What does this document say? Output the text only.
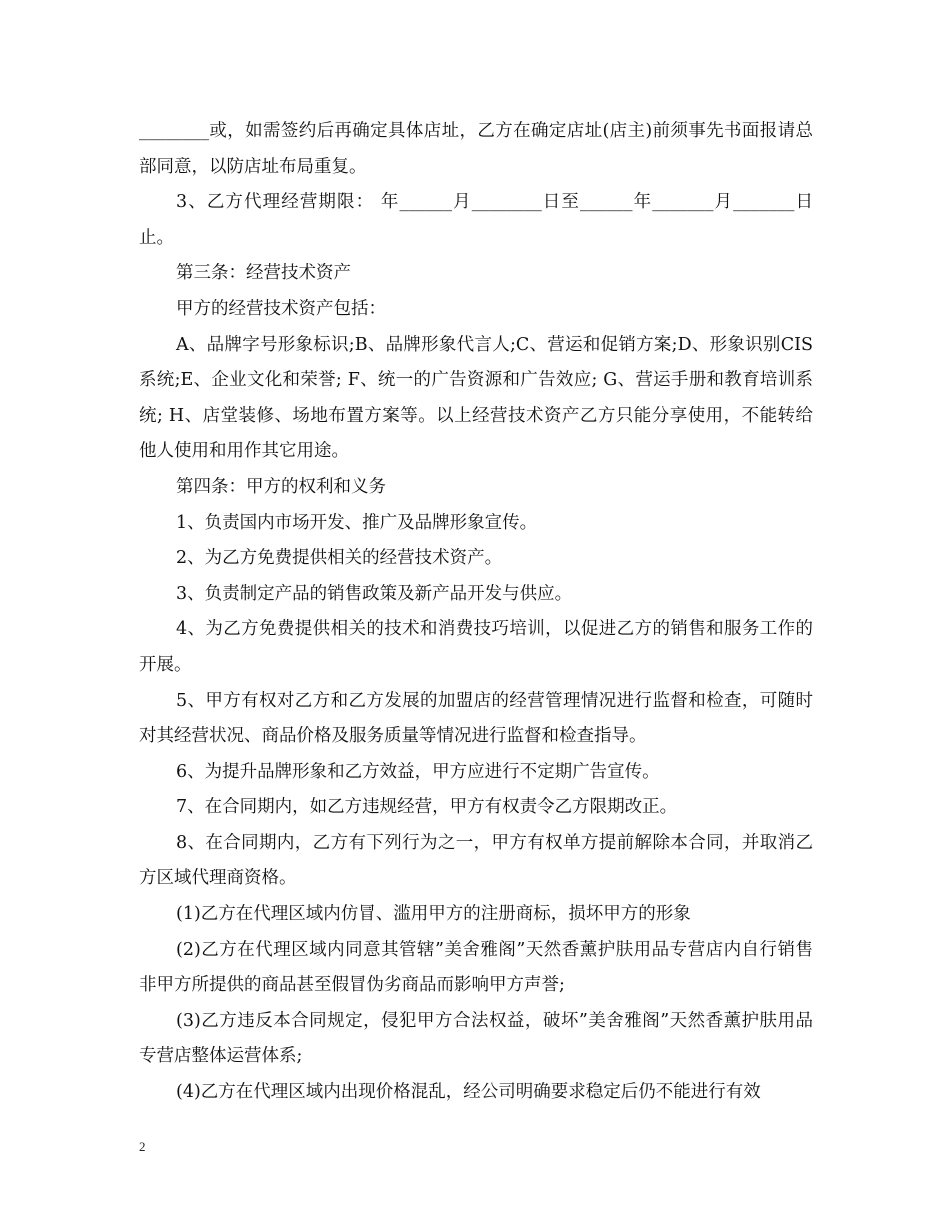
________或，如需签约后再确定具体店址，乙方在确定店址(店主)前须事先书面报请总部同意，以防店址布局重复。

3、乙方代理经营期限： 年______月________日至______年_______月_______日止。

第三条：经营技术资产

甲方的经营技术资产包括：

A、品牌字号形象标识;B、品牌形象代言人;C、营运和促销方案;D、形象识别CIS系统;E、企业文化和荣誉; F、统一的广告资源和广告效应; G、营运手册和教育培训系统; H、店堂装修、场地布置方案等。以上经营技术资产乙方只能分享使用，不能转给他人使用和用作其它用途。

第四条：甲方的权利和义务

1、负责国内市场开发、推广及品牌形象宣传。

2、为乙方免费提供相关的经营技术资产。

3、负责制定产品的销售政策及新产品开发与供应。

4、为乙方免费提供相关的技术和消费技巧培训，以促进乙方的销售和服务工作的开展。

5、甲方有权对乙方和乙方发展的加盟店的经营管理情况进行监督和检查，可随时对其经营状况、商品价格及服务质量等情况进行监督和检查指导。

6、为提升品牌形象和乙方效益，甲方应进行不定期广告宣传。

7、在合同期内，如乙方违规经营，甲方有权责令乙方限期改正。

8、在合同期内，乙方有下列行为之一，甲方有权单方提前解除本合同，并取消乙方区域代理商资格。

(1)乙方在代理区域内仿冒、滥用甲方的注册商标，损坏甲方的形象

(2)乙方在代理区域内同意其管辖”美舍雅阁”天然香薰护肤用品专营店内自行销售非甲方所提供的商品甚至假冒伪劣商品而影响甲方声誉;

(3)乙方违反本合同规定，侵犯甲方合法权益，破坏”美舍雅阁”天然香薰护肤用品专营店整体运营体系;

(4)乙方在代理区域内出现价格混乱，经公司明确要求稳定后仍不能进行有效

2
